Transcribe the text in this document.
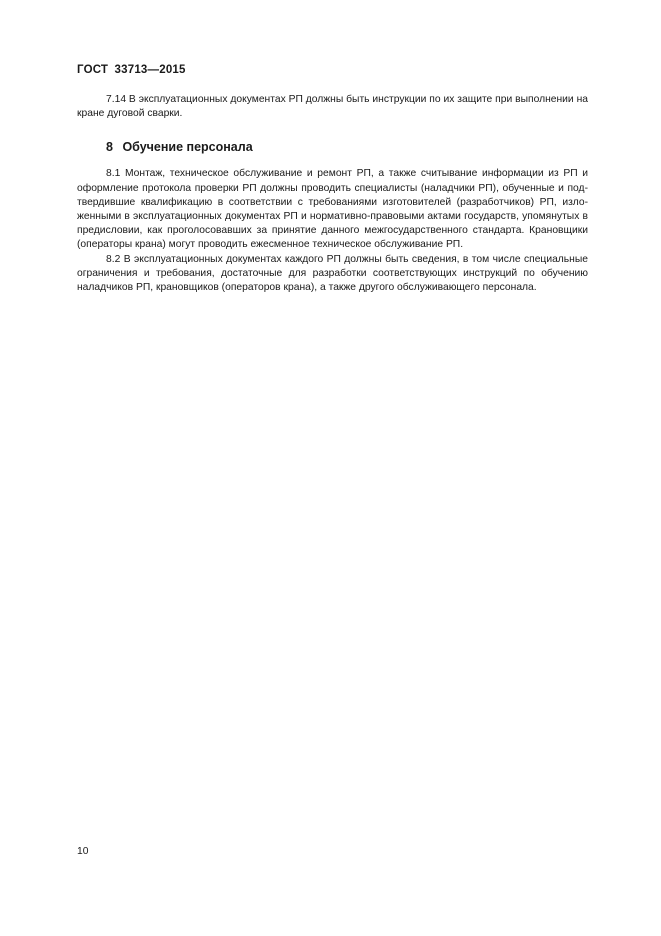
ГОСТ 33713—2015

7.14 В эксплуатационных документах РП должны быть инструкции по их защите при выполнении на кране дуговой сварки.

8 Обучение персонала

8.1 Монтаж, техническое обслуживание и ремонт РП, а также считывание информации из РП и оформление протокола проверки РП должны проводить специалисты (наладчики РП), обученные и подтвердившие квалификацию в соответствии с требованиями изготовителей (разработчиков) РП, изложенными в эксплуатационных документах РП и нормативно-правовыми актами государств, упомянутых в предисловии, как проголосовавших за принятие данного межгосударственного стандарта. Крановщики (операторы крана) могут проводить ежесменное техническое обслуживание РП.

8.2 В эксплуатационных документах каждого РП должны быть сведения, в том числе специальные ограничения и требования, достаточные для разработки соответствующих инструкций по обучению наладчиков РП, крановщиков (операторов крана), а также другого обслуживающего персонала.

10
